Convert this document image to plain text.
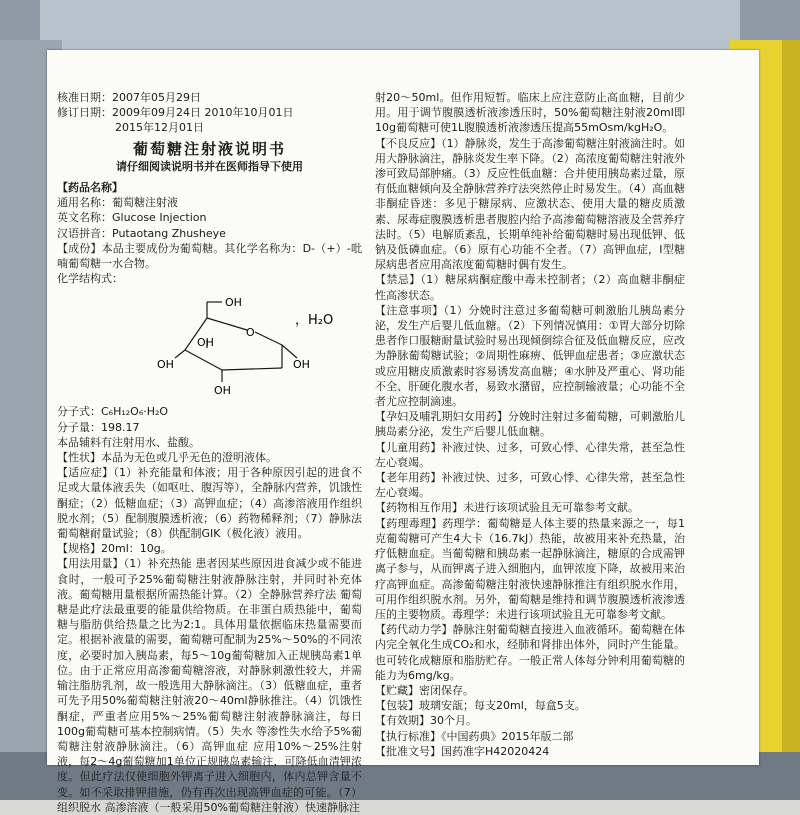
核准日期：2007年05月29日
修订日期：2009年09月24日 2010年10月01日
2015年12月01日
葡萄糖注射液说明书
请仔细阅读说明书并在医师指导下使用
【药品名称】
通用名称：葡萄糖注射液
英文名称：Glucose Injection
汉语拼音：Putaotang Zhusheye

【成份】本品主要成份为葡萄糖。其化学名称为：D-（+）-吡喃葡萄糖一水合物。

化学结构式：
OH
O
，H₂O
OH
OH	OH
OH
分子式：C₆H₁₂O₆·H₂O
分子量：198.17
本品辅料有注射用水、盐酸。

【性状】本品为无色或几乎无色的澄明液体。

【适应症】（1）补充能量和体液；用于各种原因引起的进食不足或大量体液丢失（如呕吐、腹泻等），全静脉内营养，饥饿性酮症；（2）低糖血症；（3）高钾血症；（4）高渗溶液用作组织脱水剂；（5）配制腹膜透析液；（6）药物稀释剂；（7）静脉法葡萄糖耐量试验；（8）供配制GIK（极化液）液用。

【规格】20ml：10g。

【用法用量】（1）补充热能 患者因某些原因进食减少或不能进食时，一般可予25%葡萄糖注射液静脉注射，并同时补充体液。葡萄糖用量根据所需热能计算。（2）全静脉营养疗法 葡萄糖是此疗法最重要的能量供给物质。在非蛋白质热能中，葡萄糖与脂肪供给热量之比为2:1。具体用量依据临床热量需要而定。根据补液量的需要，葡萄糖可配制为25%～50%的不同浓度，必要时加入胰岛素，每5～10g葡萄糖加入正规胰岛素1单位。由于正常应用高渗葡萄糖溶液，对静脉刺激性较大，并需输注脂肪乳剂，故一般选用大静脉滴注。（3）低糖血症，重者可先予用50%葡萄糖注射液20～40ml静脉推注。（4）饥饿性酮症，严重者应用5%～25%葡萄糖注射液静脉滴注，每日100g葡萄糖可基本控制病情。（5）失水 等渗性失水给予5%葡萄糖注射液静脉滴注。（6）高钾血症 应用10%～25%注射液，每2～4g葡萄糖加1单位正规胰岛素输注，可降低血清钾浓度。但此疗法仅使细胞外钾离子进入细胞内，体内总钾含量不变。如不采取排钾措施，仍有再次出现高钾血症的可能。（7）组织脱水 高渗溶液（一般采用50%葡萄糖注射液）快速静脉注

射20～50ml。但作用短暂。临床上应注意防止高血糖，目前少用。用于调节腹膜透析液渗透压时，50%葡萄糖注射液20ml即10g葡萄糖可使1L腹膜透析液渗透压提高55mOsm/kgH₂O。

【不良反应】（1）静脉炎，发生于高渗葡萄糖注射液滴注时。如用大静脉滴注，静脉炎发生率下降。（2）高浓度葡萄糖注射液外渗可致局部肿痛。（3）反应性低血糖：合并使用胰岛素过量，原有低血糖倾向及全静脉营养疗法突然停止时易发生。（4）高血糖非酮症昏迷：多见于糖尿病、应激状态、使用大量的糖皮质激素、尿毒症腹膜透析患者腹腔内给予高渗葡萄糖溶液及全营养疗法时。（5）电解质紊乱，长期单纯补给葡萄糖时易出现低钾、低钠及低磷血症。（6）原有心功能不全者。（7）高钾血症，I型糖尿病患者应用高浓度葡萄糖时偶有发生。

【禁忌】（1）糖尿病酮症酸中毒未控制者；（2）高血糖非酮症性高渗状态。

【注意事项】（1）分娩时注意过多葡萄糖可刺激胎儿胰岛素分泌，发生产后婴儿低血糖。（2）下列情况慎用：①胃大部分切除患者作口服糖耐量试验时易出现倾倒综合征及低血糖反应，应改为静脉葡萄糖试验；②周期性麻痹、低钾血症患者；③应激状态或应用糖皮质激素时容易诱发高血糖；④水肿及严重心、肾功能不全、肝硬化腹水者，易致水潴留，应控制输液量；心功能不全者尤应控制滴速。

【孕妇及哺乳期妇女用药】分娩时注射过多葡萄糖，可刺激胎儿胰岛素分泌，发生产后婴儿低血糖。

【儿童用药】补液过快、过多，可致心悸、心律失常，甚至急性左心衰竭。

【老年用药】补液过快、过多，可致心悸、心律失常，甚至急性左心衰竭。

【药物相互作用】未进行该项试验且无可靠参考文献。

【药理毒理】药理学：葡萄糖是人体主要的热量来源之一，每1克葡萄糖可产生4大卡（16.7kJ）热能，故被用来补充热量，治疗低糖血症。当葡萄糖和胰岛素一起静脉滴注，糖原的合成需钾离子参与，从而钾离子进入细胞内，血钾浓度下降，故被用来治疗高钾血症。高渗葡萄糖注射液快速静脉推注有组织脱水作用，可用作组织脱水剂。另外，葡萄糖是维持和调节腹膜透析液渗透压的主要物质。毒理学：未进行该项试验且无可靠参考文献。

【药代动力学】静脉注射葡萄糖直接进入血液循环。葡萄糖在体内完全氧化生成CO₂和水，经肺和肾排出体外，同时产生能量。也可转化成糖原和脂肪贮存。一般正常人体每分钟利用葡萄糖的能力为6mg/kg。

【贮藏】密闭保存。

【包装】玻璃安瓿；每支20ml，每盒5支。

【有效期】30个月。

【执行标准】《中国药典》2015年版二部

【批准文号】国药准字H42020424
